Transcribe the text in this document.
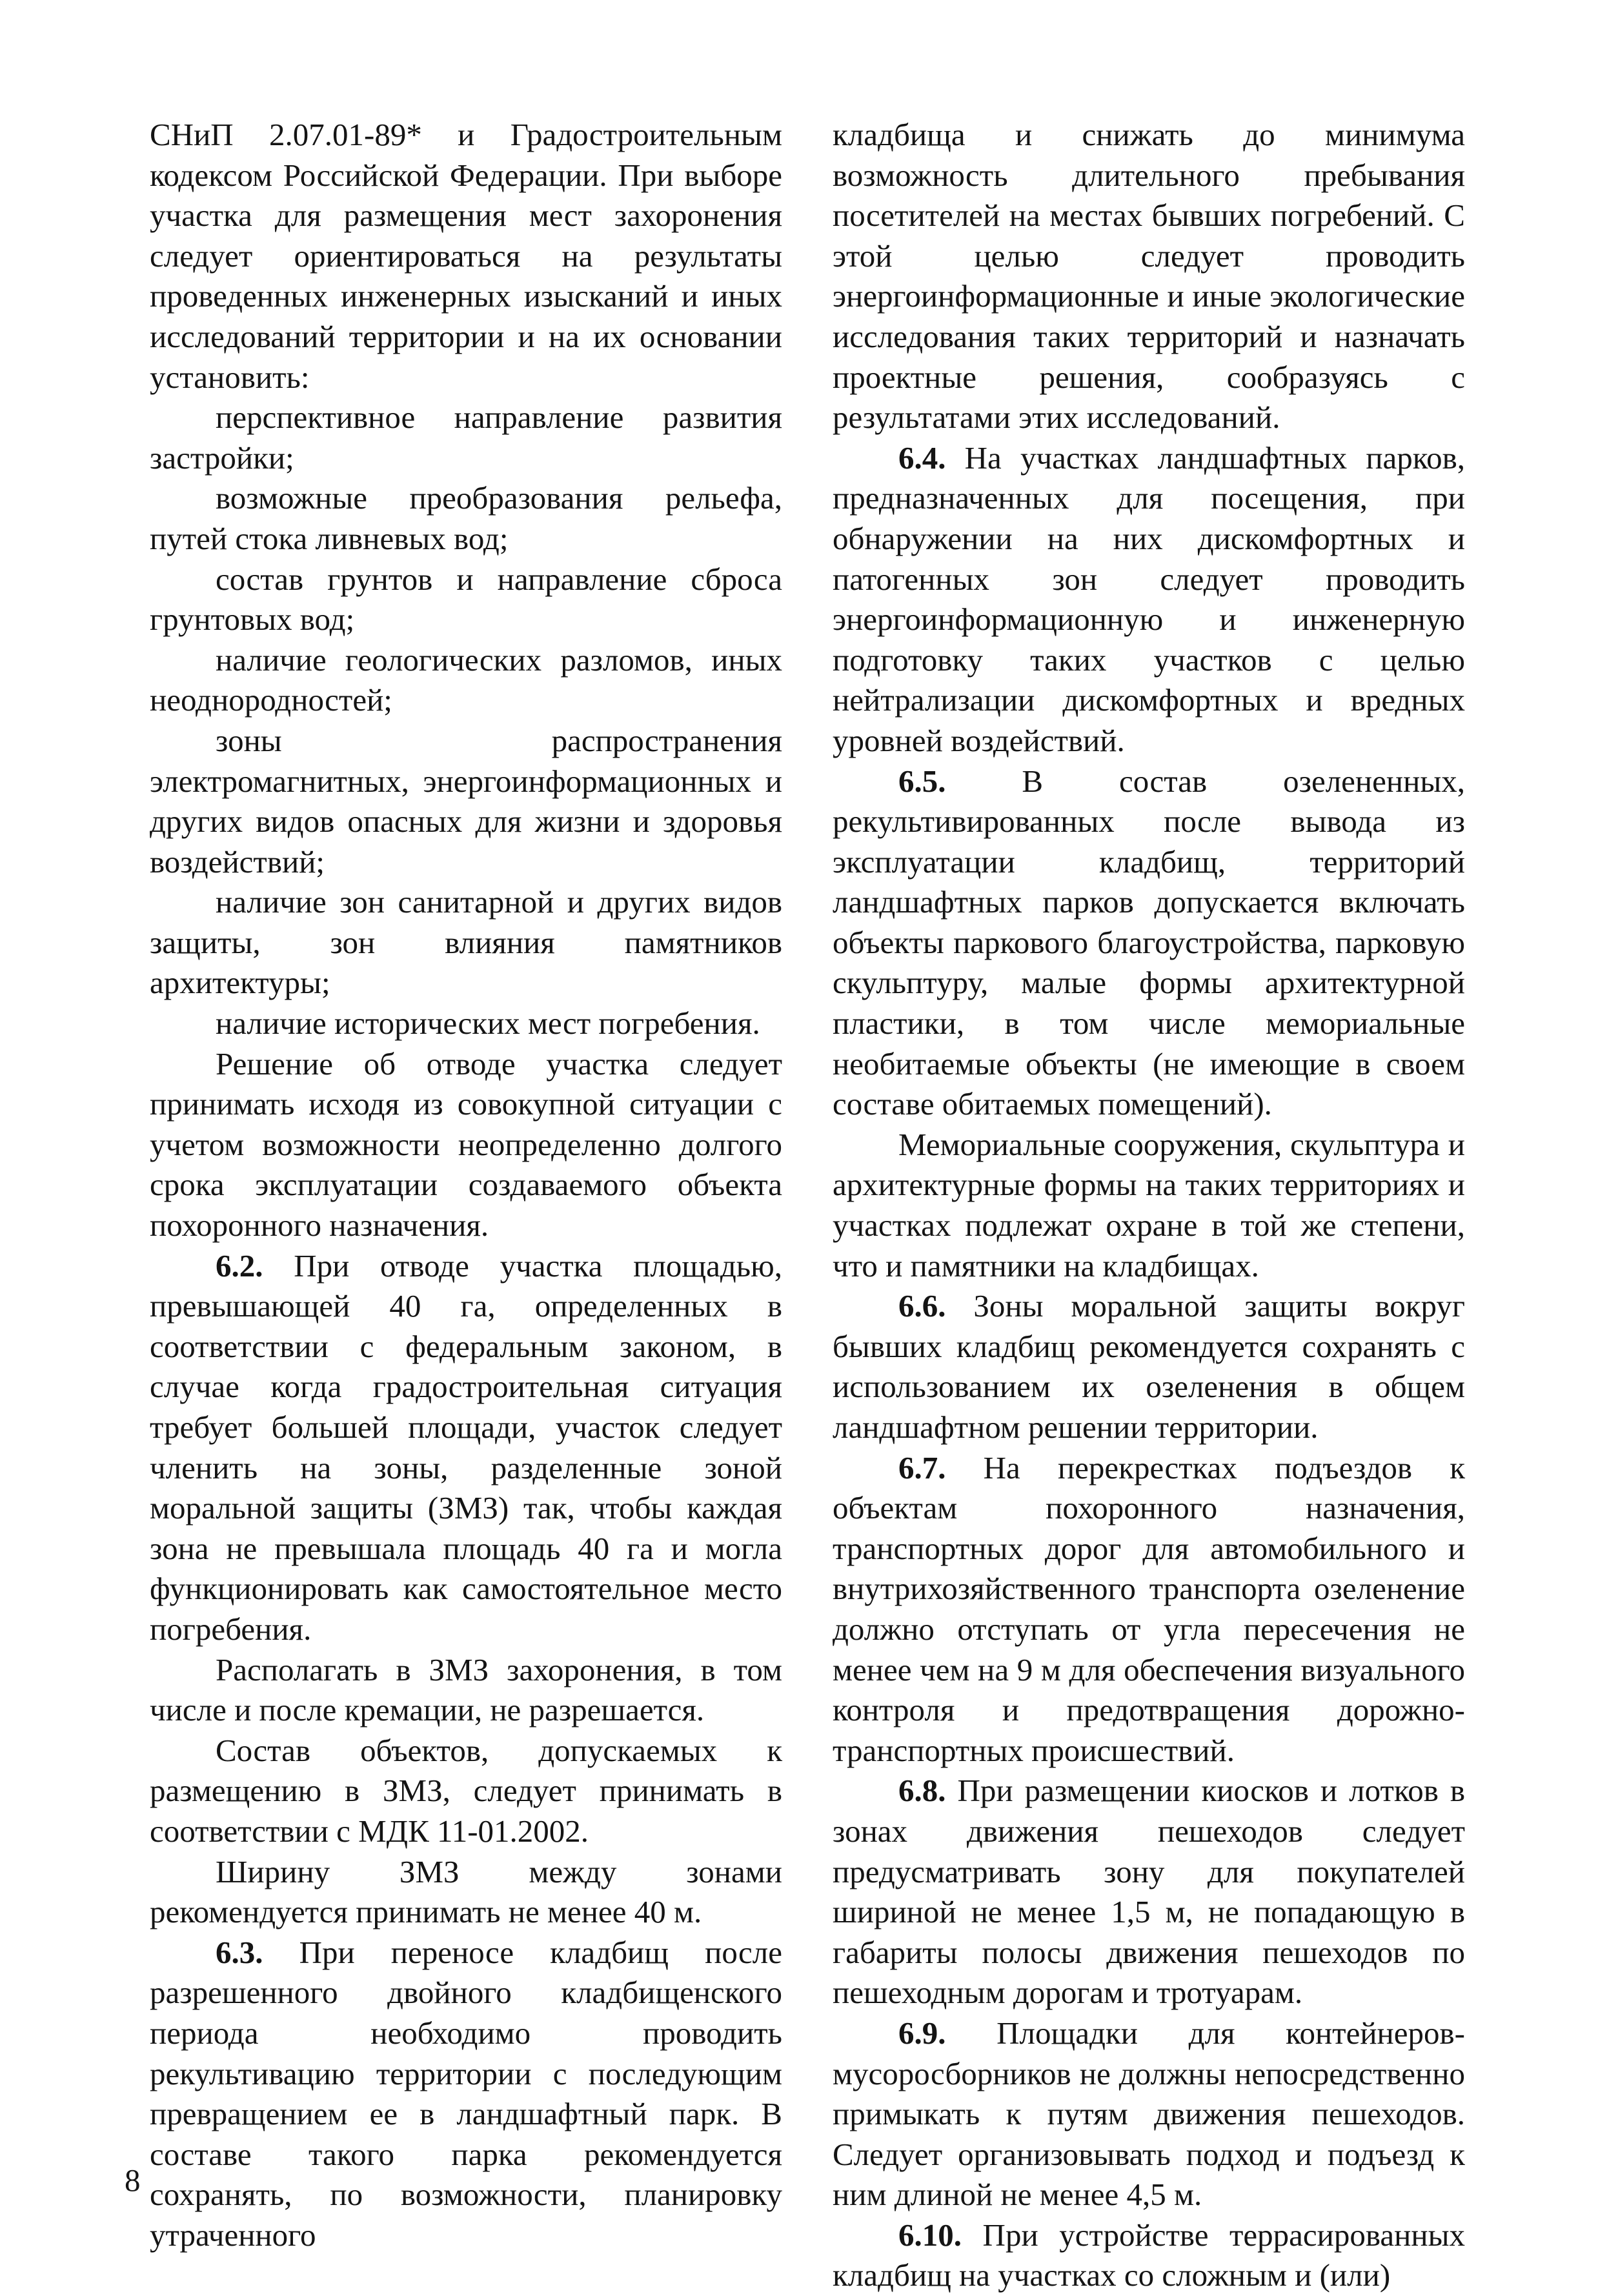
СНиП 2.07.01-89* и Градостроительным кодексом Российской Федерации. При выборе участка для размещения мест захоронения следует ориентироваться на результаты проведенных инженерных изысканий и иных исследований территории и на их основании установить:

перспективное направление развития застройки;

возможные преобразования рельефа, путей стока ливневых вод;

состав грунтов и направление сброса грунтовых вод;

наличие геологических разломов, иных неоднородностей;

зоны распространения электромагнитных, энергоинформационных и других видов опасных для жизни и здоровья воздействий;

наличие зон санитарной и других видов защиты, зон влияния памятников архитектуры;

наличие исторических мест погребения.

Решение об отводе участка следует принимать исходя из совокупной ситуации с учетом возможности неопределенно долгого срока эксплуатации создаваемого объекта похоронного назначения.

6.2. При отводе участка площадью, превышающей 40 га, определенных в соответствии с федеральным законом, в случае когда градостроительная ситуация требует большей площади, участок следует членить на зоны, разделенные зоной моральной защиты (ЗМЗ) так, чтобы каждая зона не превышала площадь 40 га и могла функционировать как самостоятельное место погребения.

Располагать в ЗМЗ захоронения, в том числе и после кремации, не разрешается.

Состав объектов, допускаемых к размещению в ЗМЗ, следует принимать в соответствии с МДК 11-01.2002.

Ширину ЗМЗ между зонами рекомендуется принимать не менее 40 м.

6.3. При переносе кладбищ после разрешенного двойного кладбищенского периода необходимо проводить рекультивацию территории с последующим превращением ее в ландшафтный парк. В составе такого парка рекомендуется сохранять, по возможности, планировку утраченного

кладбища и снижать до минимума возможность длительного пребывания посетителей на местах бывших погребений. С этой целью следует проводить энергоинформационные и иные экологические исследования таких территорий и назначать проектные решения, сообразуясь с результатами этих исследований.

6.4. На участках ландшафтных парков, предназначенных для посещения, при обнаружении на них дискомфортных и патогенных зон следует проводить энергоинформационную и инженерную подготовку таких участков с целью нейтрализации дискомфортных и вредных уровней воздействий.

6.5. В состав озелененных, рекультивированных после вывода из эксплуатации кладбищ, территорий ландшафтных парков допускается включать объекты паркового благоустройства, парковую скульптуру, малые формы архитектурной пластики, в том числе мемориальные необитаемые объекты (не имеющие в своем составе обитаемых помещений).

Мемориальные сооружения, скульптура и архитектурные формы на таких территориях и участках подлежат охране в той же степени, что и памятники на кладбищах.

6.6. Зоны моральной защиты вокруг бывших кладбищ рекомендуется сохранять с использованием их озеленения в общем ландшафтном решении территории.

6.7. На перекрестках подъездов к объектам похоронного назначения, транспортных дорог для автомобильного и внутрихозяйственного транспорта озеленение должно отступать от угла пересечения не менее чем на 9 м для обеспечения визуального контроля и предотвращения дорожно-транспортных происшествий.

6.8. При размещении киосков и лотков в зонах движения пешеходов следует предусматривать зону для покупателей шириной не менее 1,5 м, не попадающую в габариты полосы движения пешеходов по пешеходным дорогам и тротуарам.

6.9. Площадки для контейнеров-мусоросборников не должны непосредственно примыкать к путям движения пешеходов. Следует организовывать подход и подъезд к ним длиной не менее 4,5 м.

6.10. При устройстве террасированных кладбищ на участках со сложным и (или)

8
